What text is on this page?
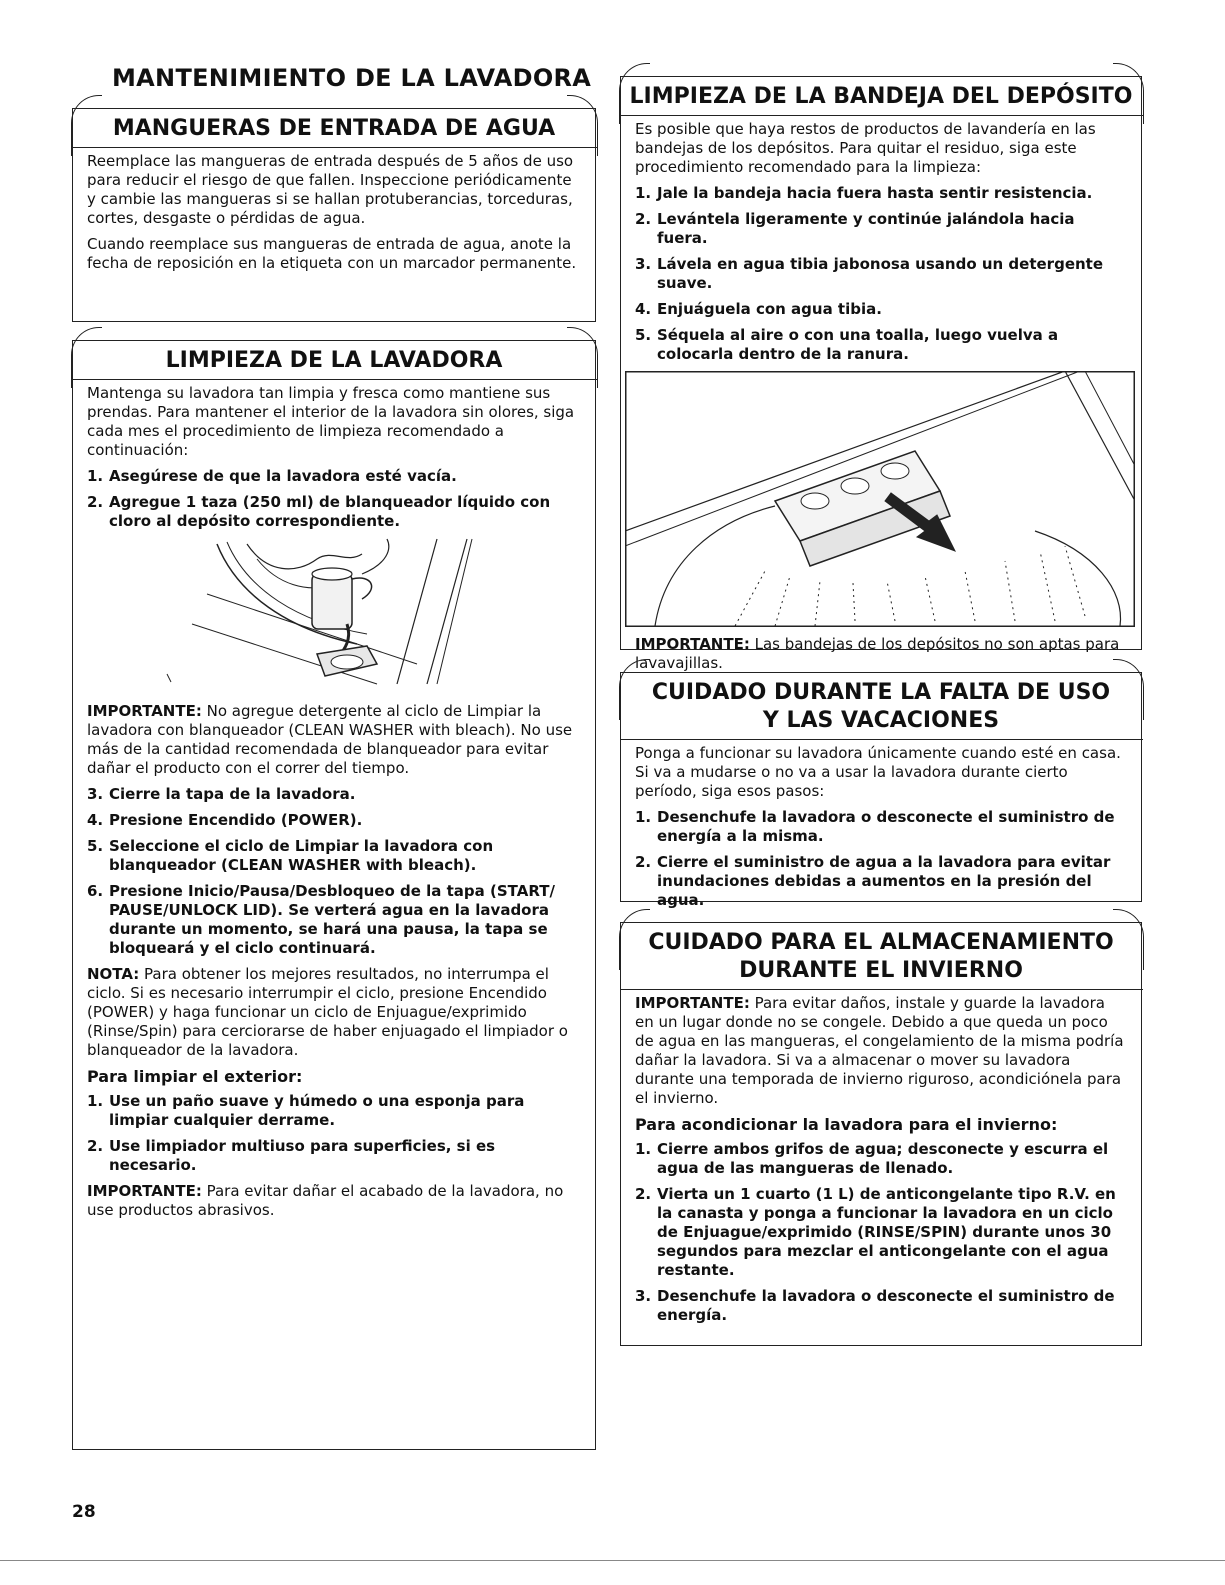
MANTENIMIENTO DE LA LAVADORA
MANGUERAS DE ENTRADA DE AGUA

Reemplace las mangueras de entrada después de 5 años de uso para reducir el riesgo de que fallen. Inspeccione periódicamente y cambie las mangueras si se hallan protuberancias, torceduras, cortes, desgaste o pérdidas de agua.

Cuando reemplace sus mangueras de entrada de agua, anote la fecha de reposición en la etiqueta con un marcador permanente.

LIMPIEZA DE LA LAVADORA

Mantenga su lavadora tan limpia y fresca como mantiene sus prendas. Para mantener el interior de la lavadora sin olores, siga cada mes el procedimiento de limpieza recomendado a continuación:

1. Asegúrese de que la lavadora esté vacía.
2. Agregue 1 taza (250 ml) de blanqueador líquido con cloro al depósito correspondiente.

IMPORTANTE: No agregue detergente al ciclo de Limpiar la lavadora con blanqueador (CLEAN WASHER with bleach). No use más de la cantidad recomendada de blanqueador para evitar dañar el producto con el correr del tiempo.

3. Cierre la tapa de la lavadora.
4. Presione Encendido (POWER).
5. Seleccione el ciclo de Limpiar la lavadora con blanqueador (CLEAN WASHER with bleach).
6. Presione Inicio/Pausa/Desbloqueo de la tapa (START/ PAUSE/UNLOCK LID). Se verterá agua en la lavadora durante un momento, se hará una pausa, la tapa se bloqueará y el ciclo continuará.

NOTA: Para obtener los mejores resultados, no interrumpa el ciclo. Si es necesario interrumpir el ciclo, presione Encendido (POWER) y haga funcionar un ciclo de Enjuague/exprimido (Rinse/Spin) para cerciorarse de haber enjuagado el limpiador o blanqueador de la lavadora.

Para limpiar el exterior:
1. Use un paño suave y húmedo o una esponja para limpiar cualquier derrame.
2. Use limpiador multiuso para superficies, si es necesario.

IMPORTANTE: Para evitar dañar el acabado de la lavadora, no use productos abrasivos.

LIMPIEZA DE LA BANDEJA DEL DEPÓSITO

Es posible que haya restos de productos de lavandería en las bandejas de los depósitos. Para quitar el residuo, siga este procedimiento recomendado para la limpieza:

1. Jale la bandeja hacia fuera hasta sentir resistencia.
2. Levántela ligeramente y continúe jalándola hacia fuera.
3. Lávela en agua tibia jabonosa usando un detergente suave.
4. Enjuáguela con agua tibia.
5. Séquela al aire o con una toalla, luego vuelva a colocarla dentro de la ranura.

IMPORTANTE: Las bandejas de los depósitos no son aptas para lavavajillas.

CUIDADO DURANTE LA FALTA DE USO
Y LAS VACACIONES

Ponga a funcionar su lavadora únicamente cuando esté en casa. Si va a mudarse o no va a usar la lavadora durante cierto período, siga esos pasos:

1. Desenchufe la lavadora o desconecte el suministro de energía a la misma.
2. Cierre el suministro de agua a la lavadora para evitar inundaciones debidas a aumentos en la presión del agua.
CUIDADO PARA EL ALMACENAMIENTO
DURANTE EL INVIERNO

IMPORTANTE: Para evitar daños, instale y guarde la lavadora en un lugar donde no se congele. Debido a que queda un poco de agua en las mangueras, el congelamiento de la misma podría dañar la lavadora. Si va a almacenar o mover su lavadora durante una temporada de invierno riguroso, acondiciónela para el invierno.

Para acondicionar la lavadora para el invierno:
1. Cierre ambos grifos de agua; desconecte y escurra el agua de las mangueras de llenado.
2. Vierta un 1 cuarto (1 L) de anticongelante tipo R.V. en la canasta y ponga a funcionar la lavadora en un ciclo de Enjuague/exprimido (RINSE/SPIN) durante unos 30 segundos para mezclar el anticongelante con el agua restante.
3. Desenchufe la lavadora o desconecte el suministro de energía.
28
